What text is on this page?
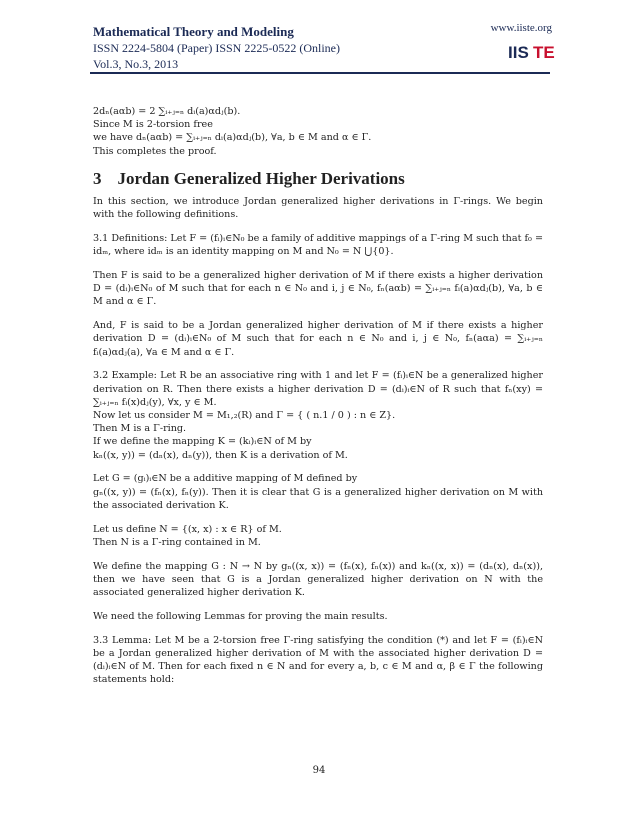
Mathematical Theory and Modeling
ISSN 2224-5804 (Paper) ISSN 2225-0522 (Online)
Vol.3, No.3, 2013
www.iiste.org
IIS TE

2dₙ(aαb) = 2 ∑ᵢ₊ⱼ₌ₙ dᵢ(a)αdⱼ(b).

Since M is 2-torsion free

we have dₙ(aαb) = ∑ᵢ₊ⱼ₌ₙ dᵢ(a)αdⱼ(b), ∀a, b ∈ M and α ∈ Γ.

This completes the proof.

3 Jordan Generalized Higher Derivations

In this section, we introduce Jordan generalized higher derivations in Γ-rings. We begin with the following definitions.

3.1 Definitions: Let F = (fᵢ)ᵢ∈N₀ be a family of additive mappings of a Γ-ring M such that f₀ = idₘ, where idₘ is an identity mapping on M and N₀ = N ⋃{0}.

Then F is said to be a generalized higher derivation of M if there exists a higher derivation D = (dᵢ)ᵢ∈N₀ of M such that for each n ∈ N₀ and i, j ∈ N₀, fₙ(aαb) = ∑ᵢ₊ⱼ₌ₙ fᵢ(a)αdⱼ(b), ∀a, b ∈ M and α ∈ Γ.

And, F is said to be a Jordan generalized higher derivation of M if there exists a higher derivation D = (dᵢ)ᵢ∈N₀ of M such that for each n ∈ N₀ and i, j ∈ N₀, fₙ(aαa) = ∑ᵢ₊ⱼ₌ₙ fᵢ(a)αdⱼ(a), ∀a ∈ M and α ∈ Γ.

3.2 Example: Let R be an associative ring with 1 and let F = (fᵢ)ᵢ∈N be a generalized higher derivation on R. Then there exists a higher derivation D = (dᵢ)ᵢ∈N of R such that fₙ(xy) = ∑ᵢ₊ⱼ₌ₙ fᵢ(x)dⱼ(y), ∀x, y ∈ M.

Now let us consider M = M₁,₂(R) and Γ = { ( n.1 / 0 ) : n ∈ Z}.

Then M is a Γ-ring.

If we define the mapping K = (kᵢ)ᵢ∈N of M by

kₙ((x, y)) = (dₙ(x), dₙ(y)), then K is a derivation of M.

Let G = (gᵢ)ᵢ∈N be a additive mapping of M defined by

gₙ((x, y)) = (fₙ(x), fₙ(y)). Then it is clear that G is a generalized higher derivation on M with the associated derivation K.

Let us define N = {(x, x) : x ∈ R} of M.

Then N is a Γ-ring contained in M.

We define the mapping G : N → N by gₙ((x, x)) = (fₙ(x), fₙ(x)) and kₙ((x, x)) = (dₙ(x), dₙ(x)), then we have seen that G is a Jordan generalized higher derivation on N with the associated generalized higher derivation K.

We need the following Lemmas for proving the main results.

3.3 Lemma: Let M be a 2-torsion free Γ-ring satisfying the condition (*) and let F = (fᵢ)ᵢ∈N be a Jordan generalized higher derivation of M with the associated higher derivation D = (dᵢ)ᵢ∈N of M. Then for each fixed n ∈ N and for every a, b, c ∈ M and α, β ∈ Γ the following statements hold:

94
